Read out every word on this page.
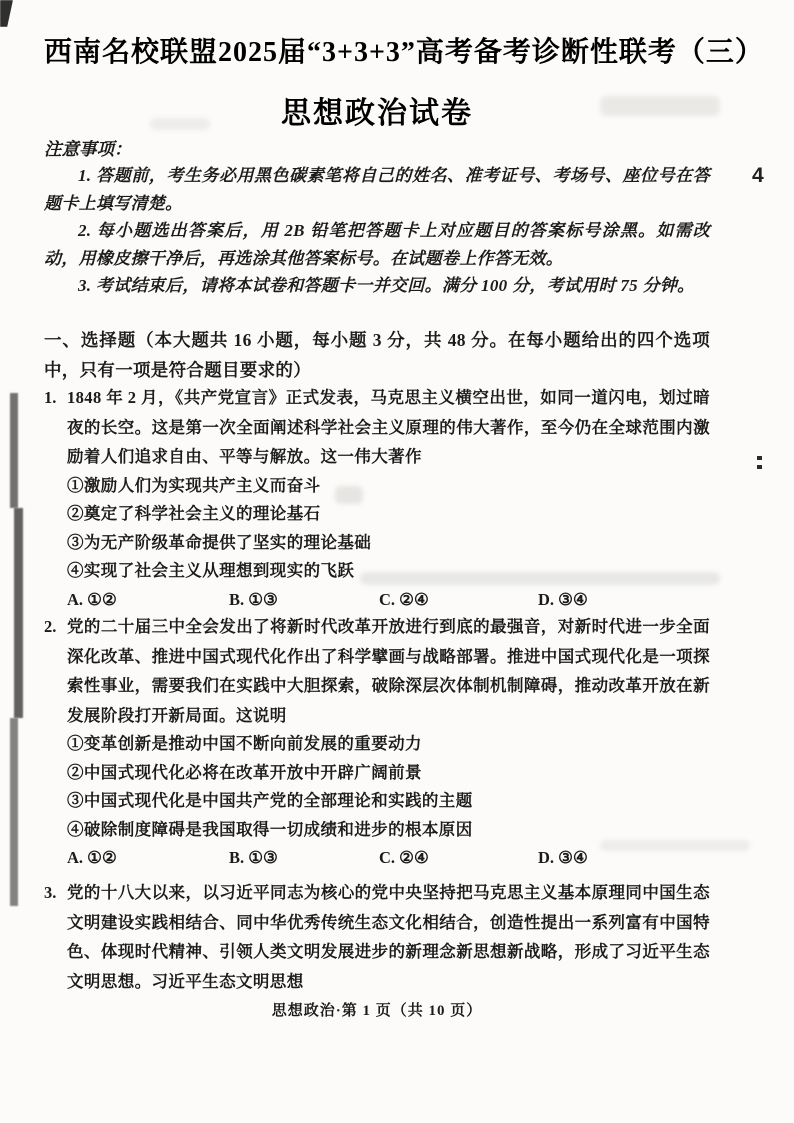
4
西南名校联盟2025届“3+3+3”高考备考诊断性联考（三）
思想政治试卷
注意事项：

1. 答题前，考生务必用黑色碳素笔将自己的姓名、准考证号、考场号、座位号在答题卡上填写清楚。

2. 每小题选出答案后，用 2B 铅笔把答题卡上对应题目的答案标号涂黑。如需改动，用橡皮擦干净后，再选涂其他答案标号。在试题卷上作答无效。

3. 考试结束后，请将本试卷和答题卡一并交回。满分 100 分，考试用时 75 分钟。

一、选择题（本大题共 16 小题，每小题 3 分，共 48 分。在每小题给出的四个选项中，只有一项是符合题目要求的）
1. 1848 年 2 月，《共产党宣言》正式发表，马克思主义横空出世，如同一道闪电，划过暗夜的长空。这是第一次全面阐述科学社会主义原理的伟大著作，至今仍在全球范围内激励着人们追求自由、平等与解放。这一伟大著作
①激励人们为实现共产主义而奋斗
②奠定了科学社会主义的理论基石
③为无产阶级革命提供了坚实的理论基础
④实现了社会主义从理想到现实的飞跃
A. ①②	B. ①③	C. ②④	D. ③④
2. 党的二十届三中全会发出了将新时代改革开放进行到底的最强音，对新时代进一步全面深化改革、推进中国式现代化作出了科学擘画与战略部署。推进中国式现代化是一项探索性事业，需要我们在实践中大胆探索，破除深层次体制机制障碍，推动改革开放在新发展阶段打开新局面。这说明
①变革创新是推动中国不断向前发展的重要动力
②中国式现代化必将在改革开放中开辟广阔前景
③中国式现代化是中国共产党的全部理论和实践的主题
④破除制度障碍是我国取得一切成绩和进步的根本原因
A. ①②	B. ①③	C. ②④	D. ③④
3. 党的十八大以来，以习近平同志为核心的党中央坚持把马克思主义基本原理同中国生态文明建设实践相结合、同中华优秀传统生态文化相结合，创造性提出一系列富有中国特色、体现时代精神、引领人类文明发展进步的新理念新思想新战略，形成了习近平生态文明思想。习近平生态文明思想
思想政治·第 1 页（共 10 页）
